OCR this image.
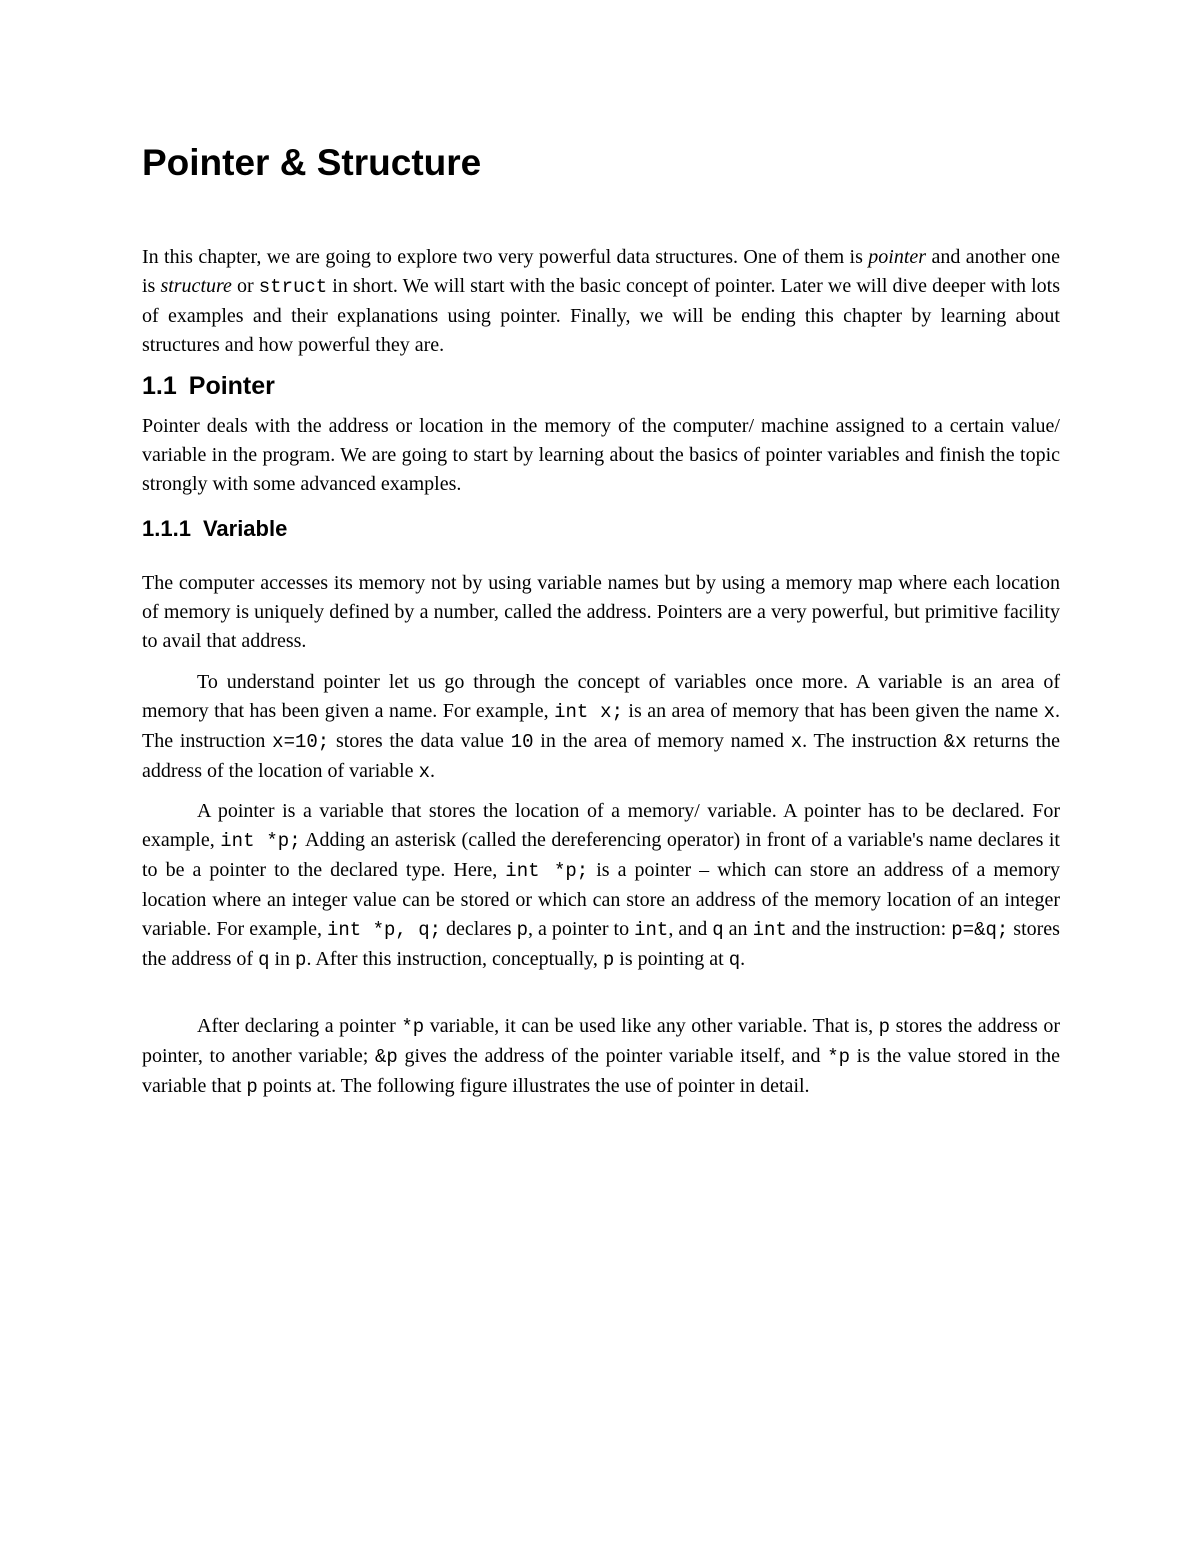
Pointer & Structure

In this chapter, we are going to explore two very powerful data structures. One of them is pointer and another one is structure or struct in short. We will start with the basic concept of pointer. Later we will dive deeper with lots of examples and their explanations using pointer. Finally, we will be ending this chapter by learning about structures and how powerful they are.

1.1 Pointer

Pointer deals with the address or location in the memory of the computer/ machine assigned to a certain value/ variable in the program. We are going to start by learning about the basics of pointer variables and finish the topic strongly with some advanced examples.

1.1.1 Variable

The computer accesses its memory not by using variable names but by using a memory map where each location of memory is uniquely defined by a number, called the address. Pointers are a very powerful, but primitive facility to avail that address.

To understand pointer let us go through the concept of variables once more. A variable is an area of memory that has been given a name. For example, int x; is an area of memory that has been given the name x. The instruction x=10; stores the data value 10 in the area of memory named x. The instruction &x returns the address of the location of variable x.

A pointer is a variable that stores the location of a memory/ variable. A pointer has to be declared. For example, int *p; Adding an asterisk (called the dereferencing operator) in front of a variable's name declares it to be a pointer to the declared type. Here, int *p; is a pointer – which can store an address of a memory location where an integer value can be stored or which can store an address of the memory location of an integer variable. For example, int *p, q; declares p, a pointer to int, and q an int and the instruction: p=&q; stores the address of q in p. After this instruction, conceptually, p is pointing at q.

After declaring a pointer *p variable, it can be used like any other variable. That is, p stores the address or pointer, to another variable; &p gives the address of the pointer variable itself, and *p is the value stored in the variable that p points at. The following figure illustrates the use of pointer in detail.
